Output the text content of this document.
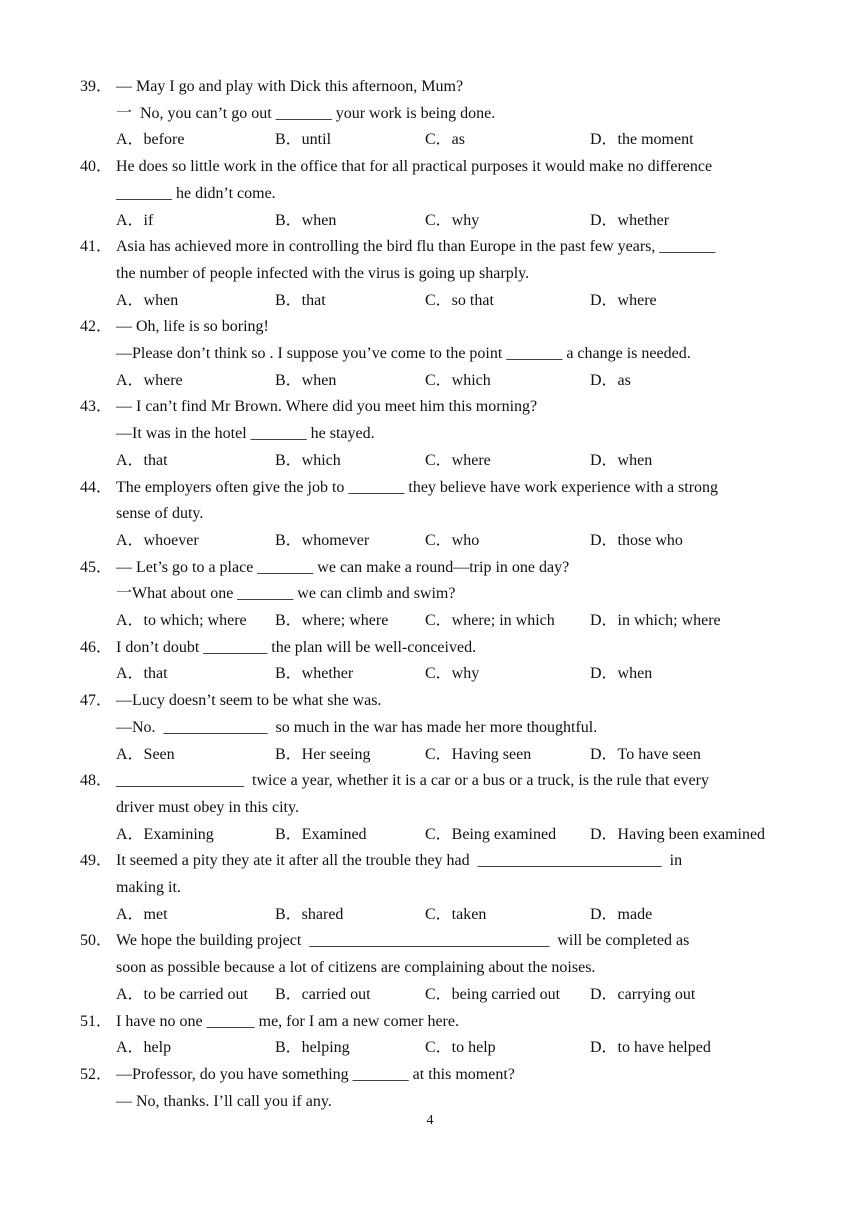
39． — May I go and play with Dick this afternoon, Mum?
一  No, you can’t go out _______ your work is being done.
A．before	B．until	C．as	D．the moment
40． He does so little work in the office that for all practical purposes it would make no difference
_______ he didn’t come.
A．if	B．when	C．why	D．whether
41． Asia has achieved more in controlling the bird flu than Europe in the past few years, _______
the number of people infected with the virus is going up sharply.
A．when	B．that	C．so that	D．where
42． — Oh, life is so boring!
—Please don’t think so . I suppose you’ve come to the point _______ a change is needed.
A．where	B．when	C．which	D．as
43． — I can’t find Mr Brown. Where did you meet him this morning?
—It was in the hotel _______ he stayed.
A．that	B．which	C．where	D．when
44． The employers often give the job to _______ they believe have work experience with a strong
sense of duty.
A．whoever	B．whomever	C．who	D．those who
45． — Let’s go to a place _______ we can make a round—trip in one day?
一What about one _______ we can climb and swim?
A．to which; where B．where; where C．where; in which D．in which; where
46． I don’t doubt ________ the plan will be well-conceived.
A．that	B．whether	C．why	D．when
47． —Lucy doesn’t seem to be what she was.
—No.  _____________  so much in the war has made her more thoughtful.
A．Seen	B．Her seeing	C．Having seen	D．To have seen
48． ________________  twice a year, whether it is a car or a bus or a truck, is the rule that every
driver must obey in this city.
A．Examining	B．Examined	C．Being examined D．Having been examined
49． It seemed a pity they ate it after all the trouble they had  _______________________  in
making it.
A．met	B．shared	C．taken	D．made
50． We hope the building project  ______________________________  will be completed as
soon as possible because a lot of citizens are complaining about the noises.
A．to be carried out B．carried out	C．being carried out D．carrying out
51． I have no one ______ me, for I am a new comer here.
A．help	B．helping	C．to help	D．to have helped
52． —Professor, do you have something _______ at this moment?
— No, thanks. I’ll call you if any.
4
